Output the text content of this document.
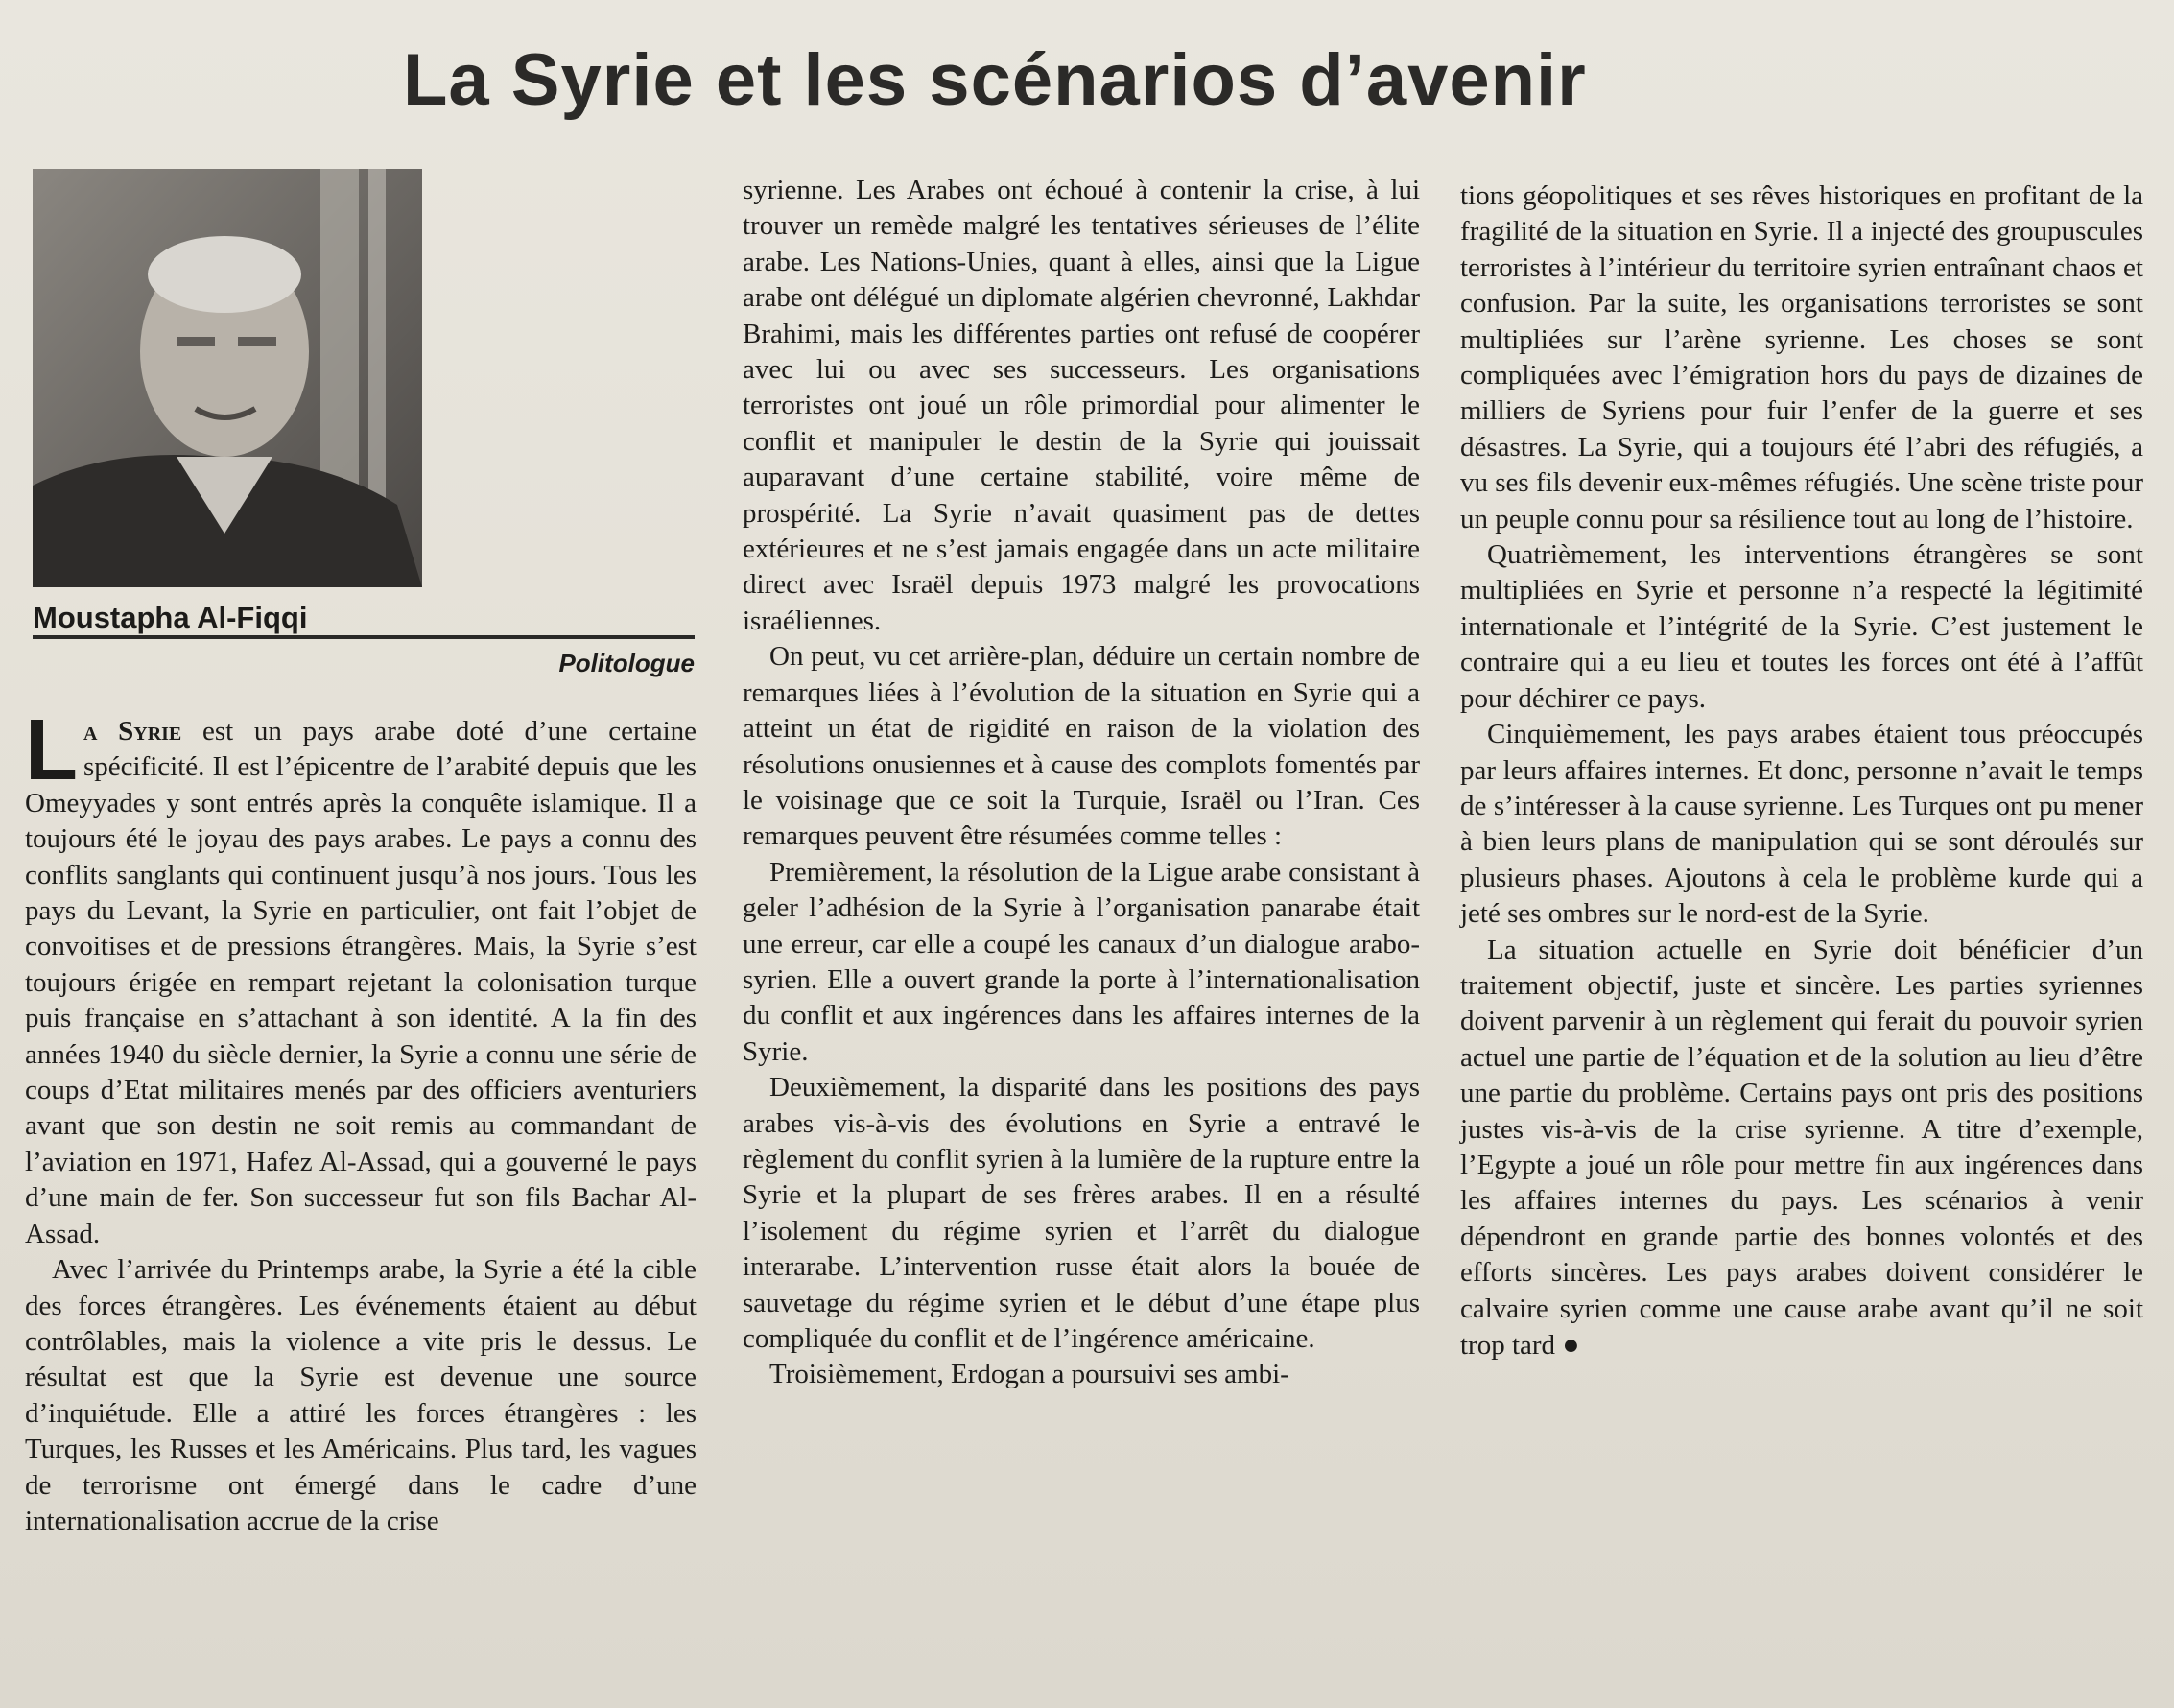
La Syrie et les scénarios d’avenir
Moustapha Al-Fiqqi
Politologue

La Syrie est un pays arabe doté d’une certaine spécificité. Il est l’épicentre de l’arabité depuis que les Omeyyades y sont entrés après la conquête islamique. Il a toujours été le joyau des pays arabes. Le pays a connu des conflits sanglants qui continuent jusqu’à nos jours. Tous les pays du Levant, la Syrie en particulier, ont fait l’objet de convoitises et de pressions étrangères. Mais, la Syrie s’est toujours érigée en rempart rejetant la colonisation turque puis française en s’attachant à son identité. A la fin des années 1940 du siècle dernier, la Syrie a connu une série de coups d’Etat militaires menés par des officiers aventuriers avant que son destin ne soit remis au commandant de l’aviation en 1971, Hafez Al-Assad, qui a gouverné le pays d’une main de fer. Son successeur fut son fils Bachar Al-Assad.

Avec l’arrivée du Printemps arabe, la Syrie a été la cible des forces étrangères. Les événements étaient au début contrôlables, mais la violence a vite pris le dessus. Le résultat est que la Syrie est devenue une source d’inquiétude. Elle a attiré les forces étrangères : les Turques, les Russes et les Américains. Plus tard, les vagues de terrorisme ont émergé dans le cadre d’une internationalisation accrue de la crise

syrienne. Les Arabes ont échoué à contenir la crise, à lui trouver un remède malgré les tentatives sérieuses de l’élite arabe. Les Nations-Unies, quant à elles, ainsi que la Ligue arabe ont délégué un diplomate algérien chevronné, Lakhdar Brahimi, mais les différentes parties ont refusé de coopérer avec lui ou avec ses successeurs. Les organisations terroristes ont joué un rôle primordial pour alimenter le conflit et manipuler le destin de la Syrie qui jouissait auparavant d’une certaine stabilité, voire même de prospérité. La Syrie n’avait quasiment pas de dettes extérieures et ne s’est jamais engagée dans un acte militaire direct avec Israël depuis 1973 malgré les provocations israéliennes.

On peut, vu cet arrière-plan, déduire un certain nombre de remarques liées à l’évolution de la situation en Syrie qui a atteint un état de rigidité en raison de la violation des résolutions onusiennes et à cause des complots fomentés par le voisinage que ce soit la Turquie, Israël ou l’Iran. Ces remarques peuvent être résumées comme telles :

Premièrement, la résolution de la Ligue arabe consistant à geler l’adhésion de la Syrie à l’organisation panarabe était une erreur, car elle a coupé les canaux d’un dialogue arabo-syrien. Elle a ouvert grande la porte à l’internationalisation du conflit et aux ingérences dans les affaires internes de la Syrie.

Deuxièmement, la disparité dans les positions des pays arabes vis-à-vis des évolutions en Syrie a entravé le règlement du conflit syrien à la lumière de la rupture entre la Syrie et la plupart de ses frères arabes. Il en a résulté l’isolement du régime syrien et l’arrêt du dialogue interarabe. L’intervention russe était alors la bouée de sauvetage du régime syrien et le début d’une étape plus compliquée du conflit et de l’ingérence américaine.

Troisièmement, Erdogan a poursuivi ses ambi-

tions géopolitiques et ses rêves historiques en profitant de la fragilité de la situation en Syrie. Il a injecté des groupuscules terroristes à l’intérieur du territoire syrien entraînant chaos et confusion. Par la suite, les organisations terroristes se sont multipliées sur l’arène syrienne. Les choses se sont compliquées avec l’émigration hors du pays de dizaines de milliers de Syriens pour fuir l’enfer de la guerre et ses désastres. La Syrie, qui a toujours été l’abri des réfugiés, a vu ses fils devenir eux-mêmes réfugiés. Une scène triste pour un peuple connu pour sa résilience tout au long de l’histoire.

Quatrièmement, les interventions étrangères se sont multipliées en Syrie et personne n’a respecté la légitimité internationale et l’intégrité de la Syrie. C’est justement le contraire qui a eu lieu et toutes les forces ont été à l’affût pour déchirer ce pays.

Cinquièmement, les pays arabes étaient tous préoccupés par leurs affaires internes. Et donc, personne n’avait le temps de s’intéresser à la cause syrienne. Les Turques ont pu mener à bien leurs plans de manipulation qui se sont déroulés sur plusieurs phases. Ajoutons à cela le problème kurde qui a jeté ses ombres sur le nord-est de la Syrie.

La situation actuelle en Syrie doit bénéficier d’un traitement objectif, juste et sincère. Les parties syriennes doivent parvenir à un règlement qui ferait du pouvoir syrien actuel une partie de l’équation et de la solution au lieu d’être une partie du problème. Certains pays ont pris des positions justes vis-à-vis de la crise syrienne. A titre d’exemple, l’Egypte a joué un rôle pour mettre fin aux ingérences dans les affaires internes du pays. Les scénarios à venir dépendront en grande partie des bonnes volontés et des efforts sincères. Les pays arabes doivent considérer le calvaire syrien comme une cause arabe avant qu’il ne soit trop tard ●
